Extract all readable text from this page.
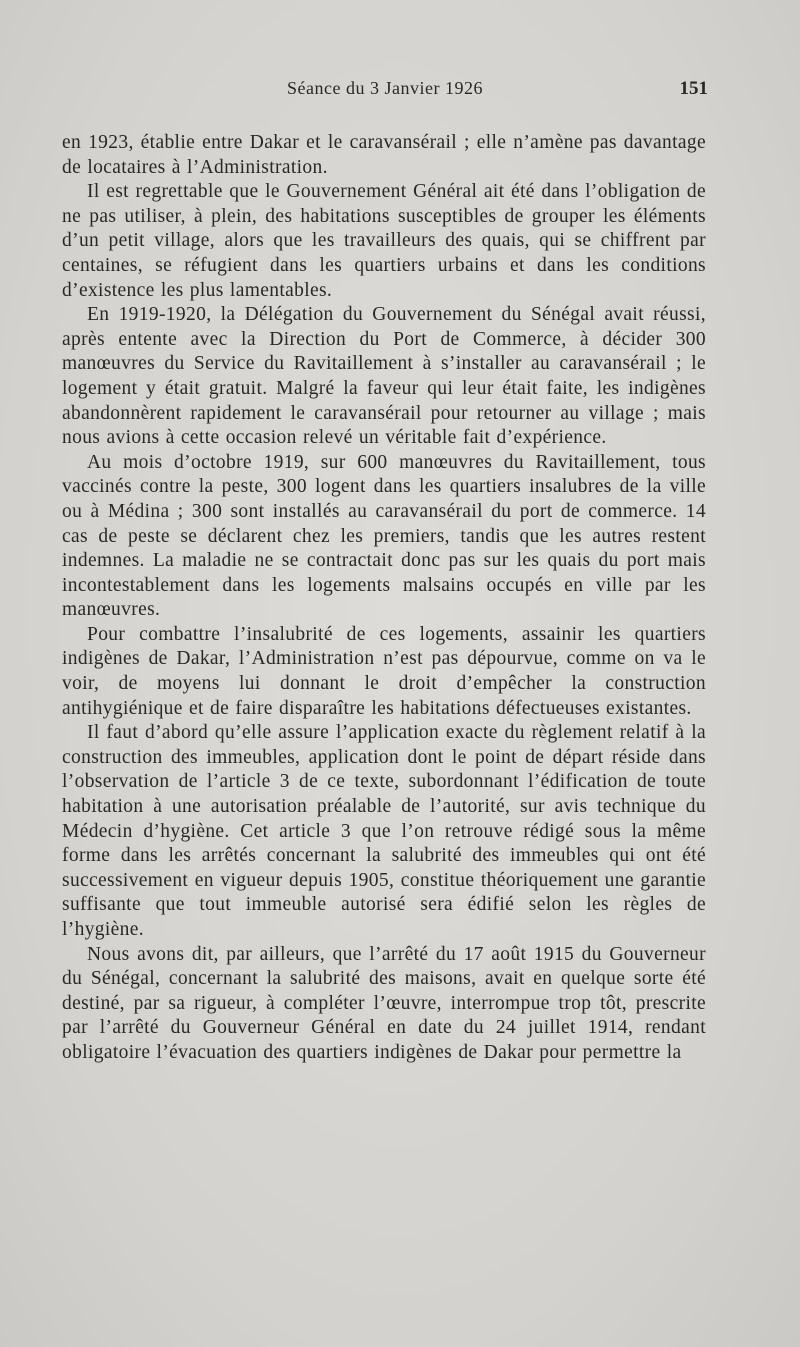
Séance du 3 Janvier 1926	151

en 1923, établie entre Dakar et le caravansérail ; elle n’amène pas davantage de locataires à l’Administration.

Il est regrettable que le Gouvernement Général ait été dans l’obligation de ne pas utiliser, à plein, des habitations susceptibles de grouper les éléments d’un petit village, alors que les travailleurs des quais, qui se chiffrent par centaines, se réfugient dans les quartiers urbains et dans les conditions d’existence les plus lamentables.

En 1919-1920, la Délégation du Gouvernement du Sénégal avait réussi, après entente avec la Direction du Port de Commerce, à décider 300 manœuvres du Service du Ravitaillement à s’installer au caravansérail ; le logement y était gratuit. Malgré la faveur qui leur était faite, les indigènes abandonnèrent rapidement le caravansérail pour retourner au village ; mais nous avions à cette occasion relevé un véritable fait d’expérience.

Au mois d’octobre 1919, sur 600 manœuvres du Ravitaillement, tous vaccinés contre la peste, 300 logent dans les quartiers insalubres de la ville ou à Médina ; 300 sont installés au caravansérail du port de commerce. 14 cas de peste se déclarent chez les premiers, tandis que les autres restent indemnes. La maladie ne se contractait donc pas sur les quais du port mais incontestablement dans les logements malsains occupés en ville par les manœuvres.

Pour combattre l’insalubrité de ces logements, assainir les quartiers indigènes de Dakar, l’Administration n’est pas dépourvue, comme on va le voir, de moyens lui donnant le droit d’empêcher la construction antihygiénique et de faire disparaître les habitations défectueuses existantes.

Il faut d’abord qu’elle assure l’application exacte du règlement relatif à la construction des immeubles, application dont le point de départ réside dans l’observation de l’article 3 de ce texte, subordonnant l’édification de toute habitation à une autorisation préalable de l’autorité, sur avis technique du Médecin d’hygiène. Cet article 3 que l’on retrouve rédigé sous la même forme dans les arrêtés concernant la salubrité des immeubles qui ont été successivement en vigueur depuis 1905, constitue théoriquement une garantie suffisante que tout immeuble autorisé sera édifié selon les règles de l’hygiène.

Nous avons dit, par ailleurs, que l’arrêté du 17 août 1915 du Gouverneur du Sénégal, concernant la salubrité des maisons, avait en quelque sorte été destiné, par sa rigueur, à compléter l’œuvre, interrompue trop tôt, prescrite par l’arrêté du Gouverneur Général en date du 24 juillet 1914, rendant obligatoire l’évacuation des quartiers indigènes de Dakar pour permettre la
